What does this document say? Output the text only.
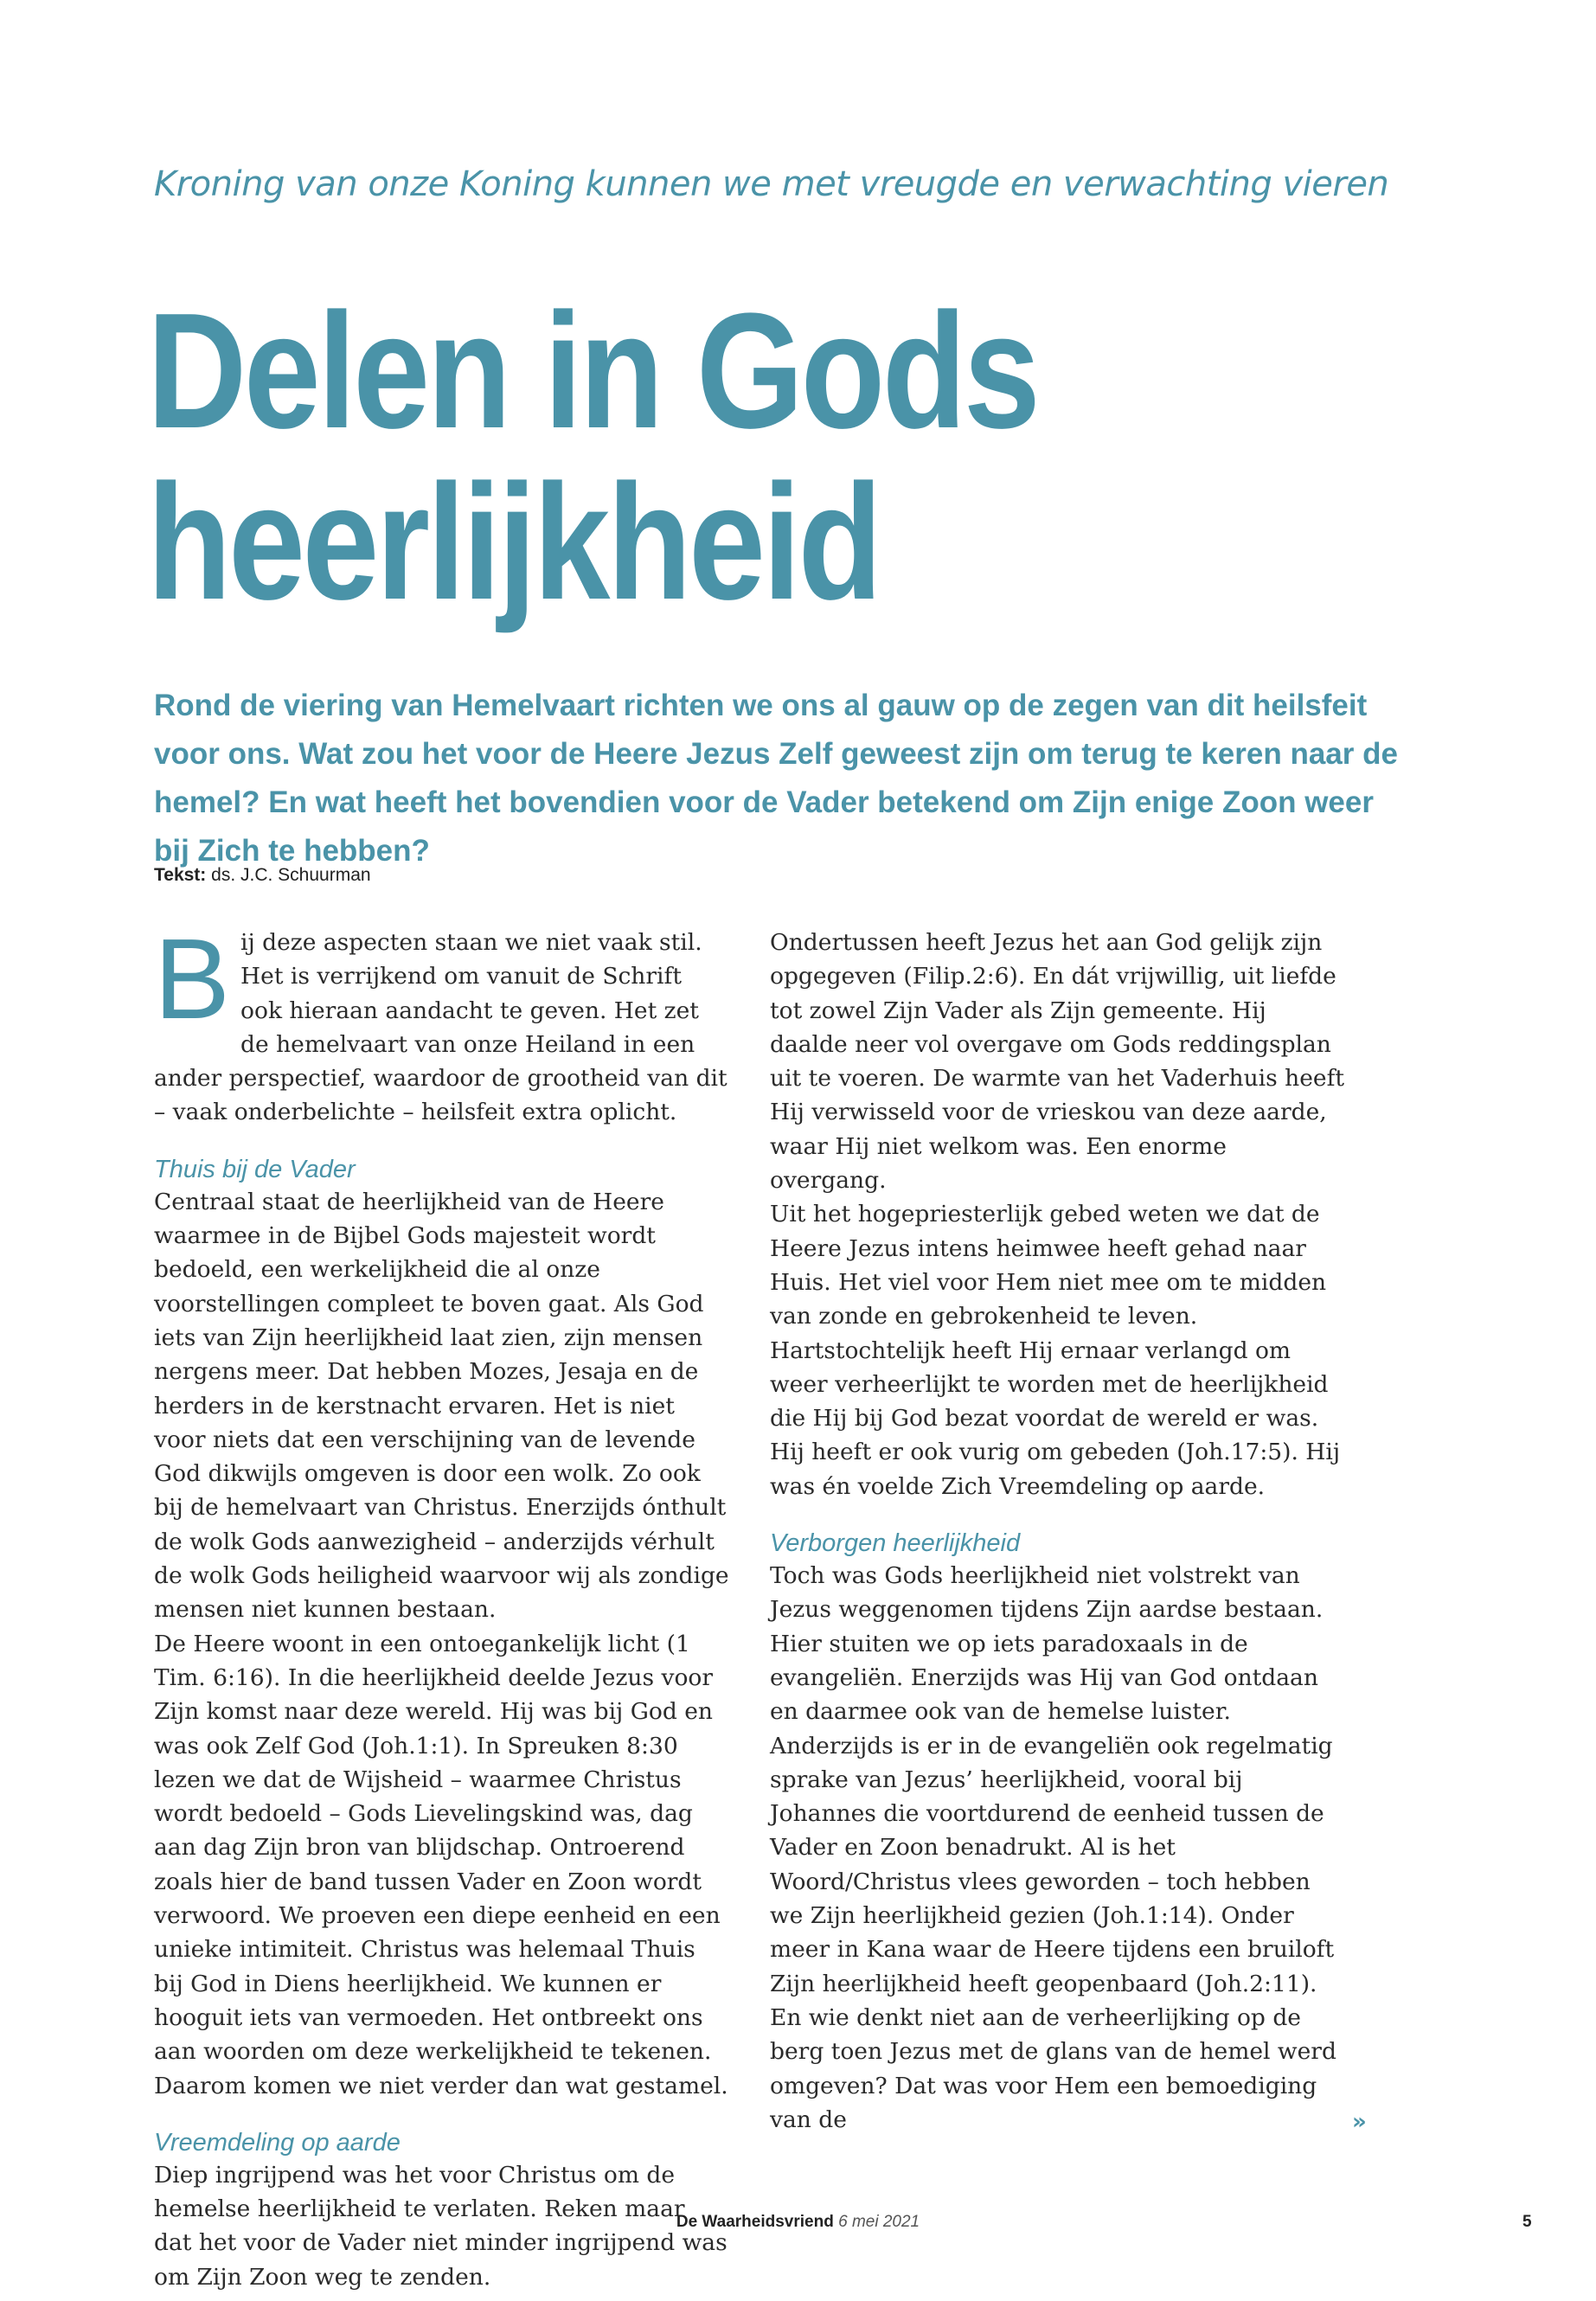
Kroning van onze Koning kunnen we met vreugde en verwachting vieren
Delen in Gods
heerlijkheid
Rond de viering van Hemelvaart richten we ons al gauw op de zegen van dit heilsfeit voor ons. Wat zou het voor de Heere Jezus Zelf geweest zijn om terug te keren naar de hemel? En wat heeft het bovendien voor de Vader betekend om Zijn enige Zoon weer bij Zich te hebben?
Tekst: ds. J.C. Schuurman

Bij deze aspecten staan we niet vaak stil. Het is verrijkend om vanuit de Schrift ook hieraan aandacht te geven. Het zet de hemelvaart van onze Heiland in een ander perspectief, waardoor de grootheid van dit – vaak onderbelichte – heilsfeit extra oplicht.

Thuis bij de Vader

Centraal staat de heerlijkheid van de Heere waarmee in de Bijbel Gods majesteit wordt bedoeld, een werkelijkheid die al onze voorstellingen compleet te boven gaat. Als God iets van Zijn heerlijkheid laat zien, zijn mensen nergens meer. Dat hebben Mozes, Jesaja en de herders in de kerstnacht ervaren. Het is niet voor niets dat een verschijning van de levende God dikwijls omgeven is door een wolk. Zo ook bij de hemelvaart van Christus. Enerzijds ónthult de wolk Gods aanwezigheid – anderzijds vérhult de wolk Gods heiligheid waarvoor wij als zondige mensen niet kunnen bestaan.

De Heere woont in een ontoegankelijk licht (1 Tim. 6:16). In die heerlijkheid deelde Jezus voor Zijn komst naar deze wereld. Hij was bij God en was ook Zelf God (Joh.1:1). In Spreuken 8:30 lezen we dat de Wijsheid – waarmee Christus wordt bedoeld – Gods Lievelingskind was, dag aan dag Zijn bron van blijdschap. Ontroerend zoals hier de band tussen Vader en Zoon wordt verwoord. We proeven een diepe eenheid en een unieke intimiteit. Christus was helemaal Thuis bij God in Diens heerlijkheid. We kunnen er hooguit iets van vermoeden. Het ontbreekt ons aan woorden om deze werkelijkheid te tekenen. Daarom komen we niet verder dan wat gestamel.

Vreemdeling op aarde

Diep ingrijpend was het voor Christus om de hemelse heerlijkheid te verlaten. Reken maar dat het voor de Vader niet minder ingrijpend was om Zijn Zoon weg te zenden.

Ondertussen heeft Jezus het aan God gelijk zijn opgegeven (Filip.2:6). En dát vrijwillig, uit liefde tot zowel Zijn Vader als Zijn gemeente. Hij daalde neer vol overgave om Gods reddingsplan uit te voeren. De warmte van het Vaderhuis heeft Hij verwisseld voor de vrieskou van deze aarde, waar Hij niet welkom was. Een enorme overgang.

Uit het hogepriesterlijk gebed weten we dat de Heere Jezus intens heimwee heeft gehad naar Huis. Het viel voor Hem niet mee om te midden van zonde en gebrokenheid te leven. Hartstochtelijk heeft Hij ernaar verlangd om weer verheerlijkt te worden met de heerlijkheid die Hij bij God bezat voordat de wereld er was. Hij heeft er ook vurig om gebeden (Joh.17:5). Hij was én voelde Zich Vreemdeling op aarde.

Verborgen heerlijkheid

Toch was Gods heerlijkheid niet volstrekt van Jezus weggenomen tijdens Zijn aardse bestaan. Hier stuiten we op iets paradoxaals in de evangeliën. Enerzijds was Hij van God ontdaan en daarmee ook van de hemelse luister. Anderzijds is er in de evangeliën ook regelmatig sprake van Jezus’ heerlijkheid, vooral bij Johannes die voortdurend de eenheid tussen de Vader en Zoon benadrukt. Al is het Woord/Christus vlees geworden – toch hebben we Zijn heerlijkheid gezien (Joh.1:14). Onder meer in Kana waar de Heere tijdens een bruiloft Zijn heerlijkheid heeft geopenbaard (Joh.2:11).

En wie denkt niet aan de verheerlijking op de berg toen Jezus met de glans van de hemel werd omgeven? Dat was voor Hem een bemoediging van de	»
De Waarheidsvriend 6 mei 2021	5
